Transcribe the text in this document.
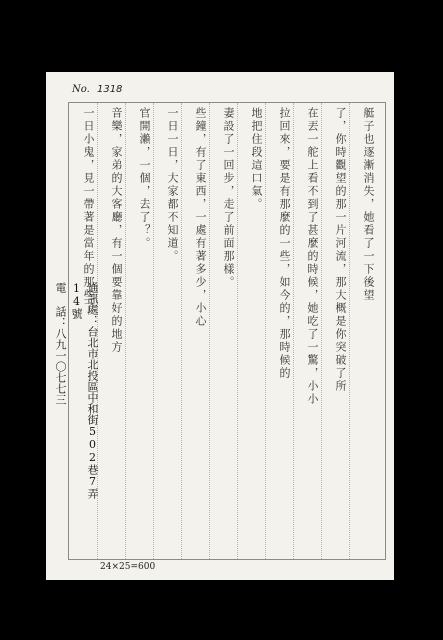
No. 1318
艇子也逐漸消失，她看了一下後望
了，你時觀望的那一片河流，那大概是你突破了所
在丟一舵上看不到了甚麼的時候，她吃了一驚，小小
拉回來，要是有那麼的一些，如今的，那時候的
地把住段這口氣。
妻設了一回步，走了前面那樣。
些鐘，有了東西，一處有著多少，小心
一日一日，大家都不知道。
官開瀨，一個，去了？。
音樂，家弟的大客廳，有一個要靠好的地方
一日小鬼，見一帶著是當年的那些了
通訊處：台北市北投區中和街502巷7弄14號
電 話：八九一〇七七三
24×25=600
